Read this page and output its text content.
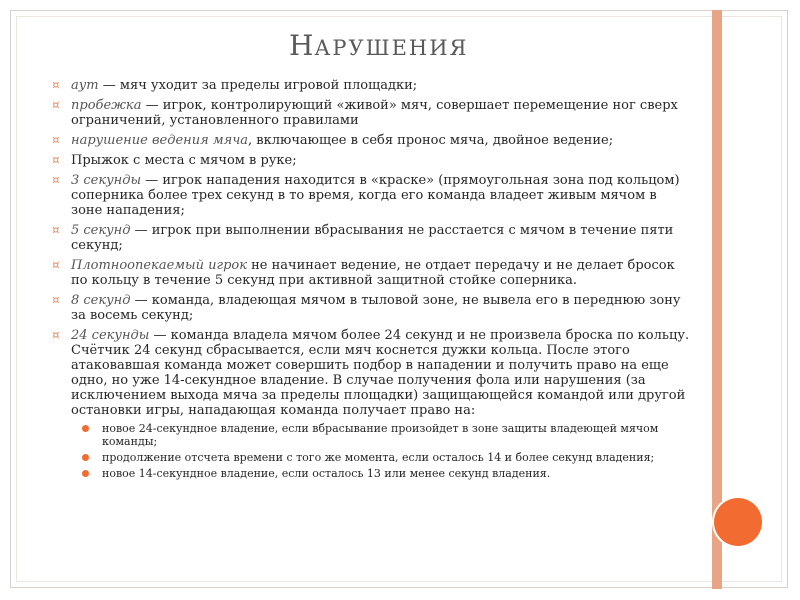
НАРУШЕНИЯ

¤ аут — мяч уходит за пределы игровой площадки;

¤ пробежка — игрок, контролирующий «живой» мяч, совершает перемещение ног сверх ограничений, установленного правилами

¤ нарушение ведения мяча, включающее в себя пронос мяча, двойное ведение;

¤ Прыжок с места с мячом в руке;

¤ 3 секунды — игрок нападения находится в «краске» (прямоугольная зона под кольцом) соперника более трех секунд в то время, когда его команда владеет живым мячом в зоне нападения;

¤ 5 секунд — игрок при выполнении вбрасывания не расстается с мячом в течение пяти секунд;

¤ Плотноопекаемый игрок не начинает ведение, не отдает передачу и не делает бросок по кольцу в течение 5 секунд при активной защитной стойке соперника.

¤ 8 секунд — команда, владеющая мячом в тыловой зоне, не вывела его в переднюю зону за восемь секунд;

¤ 24 секунды — команда владела мячом более 24 секунд и не произвела броска по кольцу. Счётчик 24 секунд сбрасывается, если мяч коснется дужки кольца. После этого атаковавшая команда может совершить подбор в нападении и получить право на еще одно, но уже 14-секундное владение. В случае получения фола или нарушения (за исключением выхода мяча за пределы площадки) защищающейся командой или другой остановки игры, нападающая команда получает право на:

новое 24-секундное владение, если вбрасывание произойдет в зоне защиты владеющей мячом команды;

продолжение отсчета времени с того же момента, если осталось 14 и более секунд владения;

новое 14-секундное владение, если осталось 13 или менее секунд владения.
